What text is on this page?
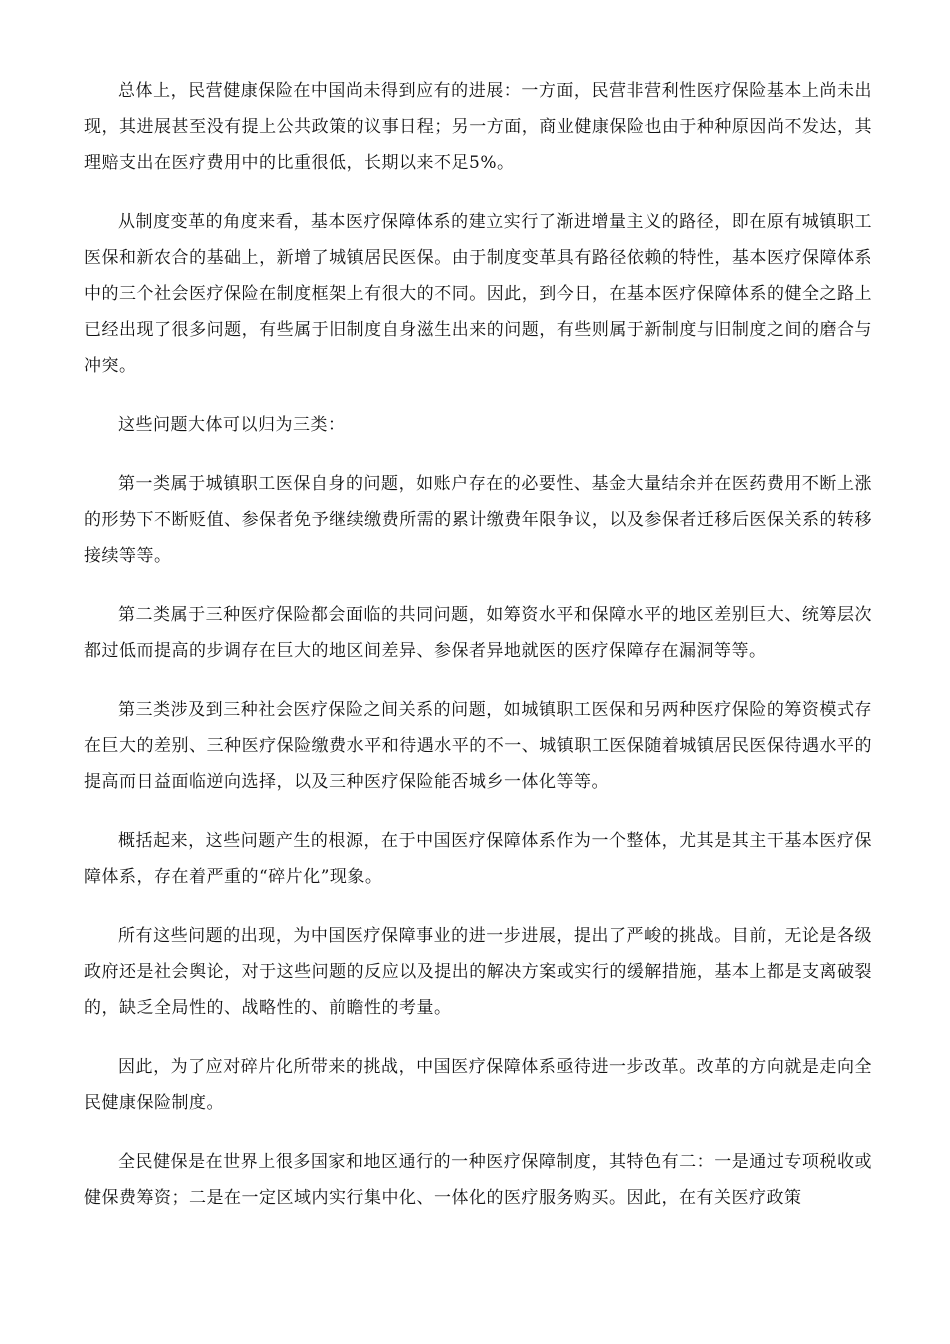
总体上，民营健康保险在中国尚未得到应有的进展：一方面，民营非营利性医疗保险基本上尚未出现，其进展甚至没有提上公共政策的议事日程；另一方面，商业健康保险也由于种种原因尚不发达，其理赔支出在医疗费用中的比重很低，长期以来不足5%。

从制度变革的角度来看，基本医疗保障体系的建立实行了渐进增量主义的路径，即在原有城镇职工医保和新农合的基础上，新增了城镇居民医保。由于制度变革具有路径依赖的特性，基本医疗保障体系中的三个社会医疗保险在制度框架上有很大的不同。因此，到今日，在基本医疗保障体系的健全之路上已经出现了很多问题，有些属于旧制度自身滋生出来的问题，有些则属于新制度与旧制度之间的磨合与冲突。

这些问题大体可以归为三类：

第一类属于城镇职工医保自身的问题，如账户存在的必要性、基金大量结余并在医药费用不断上涨的形势下不断贬值、参保者免予继续缴费所需的累计缴费年限争议，以及参保者迁移后医保关系的转移接续等等。

第二类属于三种医疗保险都会面临的共同问题，如筹资水平和保障水平的地区差别巨大、统筹层次都过低而提高的步调存在巨大的地区间差异、参保者异地就医的医疗保障存在漏洞等等。

第三类涉及到三种社会医疗保险之间关系的问题，如城镇职工医保和另两种医疗保险的筹资模式存在巨大的差别、三种医疗保险缴费水平和待遇水平的不一、城镇职工医保随着城镇居民医保待遇水平的提高而日益面临逆向选择，以及三种医疗保险能否城乡一体化等等。

概括起来，这些问题产生的根源，在于中国医疗保障体系作为一个整体，尤其是其主干基本医疗保障体系，存在着严重的“碎片化”现象。

所有这些问题的出现，为中国医疗保障事业的进一步进展，提出了严峻的挑战。目前，无论是各级政府还是社会舆论，对于这些问题的反应以及提出的解决方案或实行的缓解措施，基本上都是支离破裂的，缺乏全局性的、战略性的、前瞻性的考量。

因此，为了应对碎片化所带来的挑战，中国医疗保障体系亟待进一步改革。改革的方向就是走向全民健康保险制度。

全民健保是在世界上很多国家和地区通行的一种医疗保障制度，其特色有二：一是通过专项税收或健保费筹资；二是在一定区域内实行集中化、一体化的医疗服务购买。因此，在有关医疗政策
